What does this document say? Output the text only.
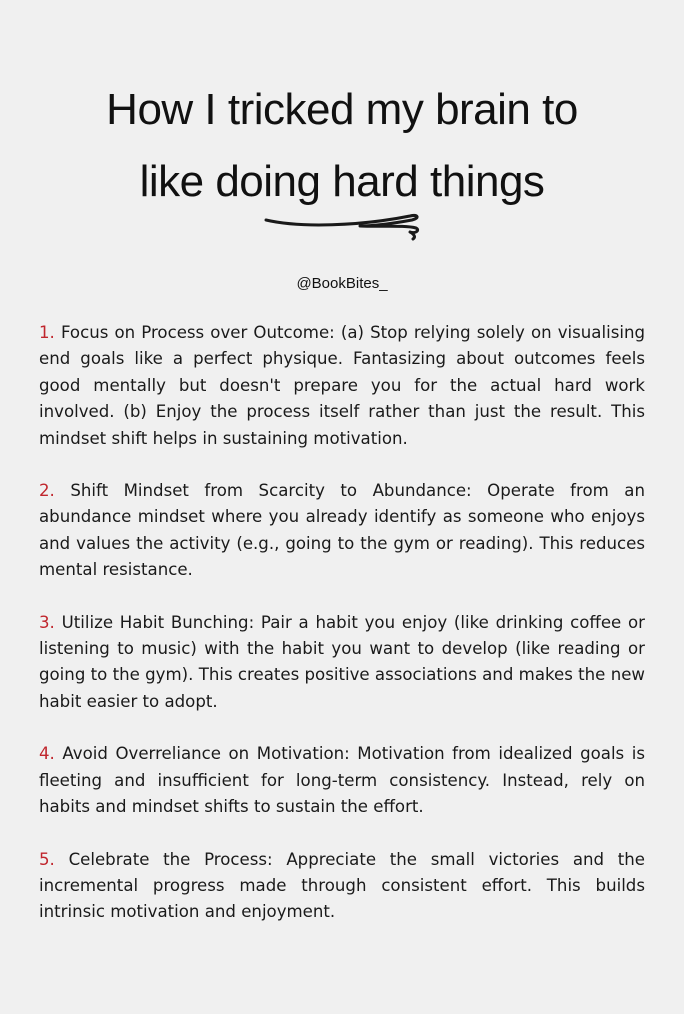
How I tricked my brain to
like doing hard things
@BookBites_

1. Focus on Process over Outcome: (a) Stop relying solely on visualising end goals like a perfect physique. Fantasizing about outcomes feels good mentally but doesn't prepare you for the actual hard work involved. (b) Enjoy the process itself rather than just the result. This mindset shift helps in sustaining motivation.

2. Shift Mindset from Scarcity to Abundance: Operate from an abundance mindset where you already identify as someone who enjoys and values the activity (e.g., going to the gym or reading). This reduces mental resistance.

3. Utilize Habit Bunching: Pair a habit you enjoy (like drinking coffee or listening to music) with the habit you want to develop (like reading or going to the gym). This creates positive associations and makes the new habit easier to adopt.

4. Avoid Overreliance on Motivation: Motivation from idealized goals is fleeting and insufficient for long-term consistency. Instead, rely on habits and mindset shifts to sustain the effort.

5. Celebrate the Process: Appreciate the small victories and the incremental progress made through consistent effort. This builds intrinsic motivation and enjoyment.
